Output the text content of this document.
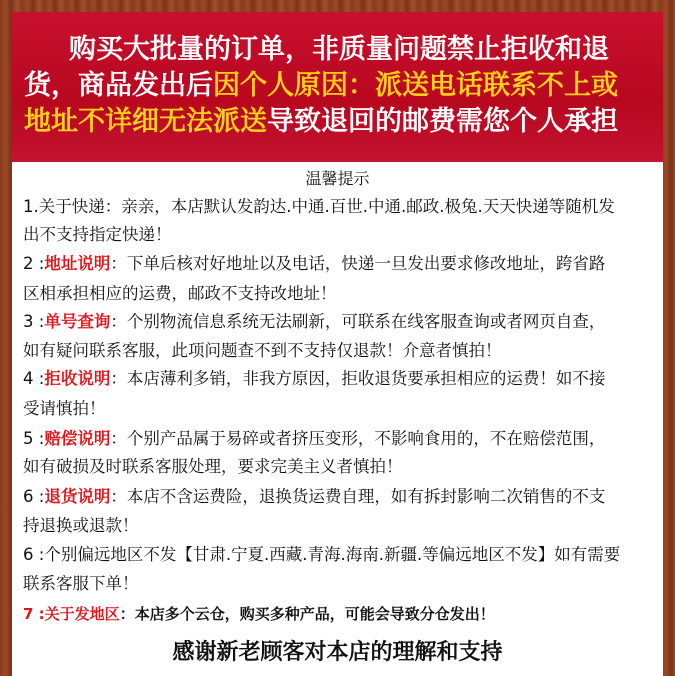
购买大批量的订单，非质量问题禁止拒收和退
货，商品发出后因个人原因：派送电话联系不上或
地址不详细无法派送导致退回的邮费需您个人承担
温馨提示
1.关于快递：亲亲，本店默认发韵达.中通.百世.中通.邮政.极兔.天天快递等随机发
出不支持指定快递！
2 :地址说明：下单后核对好地址以及电话，快递一旦发出要求修改地址，跨省路
区相承担相应的运费，邮政不支持改地址！
3 :单号查询：个别物流信息系统无法刷新，可联系在线客服查询或者网页自查，
如有疑问联系客服，此项问题查不到不支持仅退款！介意者慎拍！
4 :拒收说明：本店薄利多销，非我方原因，拒收退货要承担相应的运费！如不接
受请慎拍！
5 :赔偿说明：个别产品属于易碎或者挤压变形，不影响食用的，不在赔偿范围，
如有破损及时联系客服处理，要求完美主义者慎拍！
6 :退货说明：本店不含运费险，退换货运费自理，如有拆封影响二次销售的不支
持退换或退款！
6 :个别偏远地区不发【甘肃.宁夏.西藏.青海.海南.新疆.等偏远地区不发】如有需要
联系客服下单！
7 :关于发地区：本店多个云仓，购买多种产品，可能会导致分仓发出！
感谢新老顾客对本店的理解和支持
